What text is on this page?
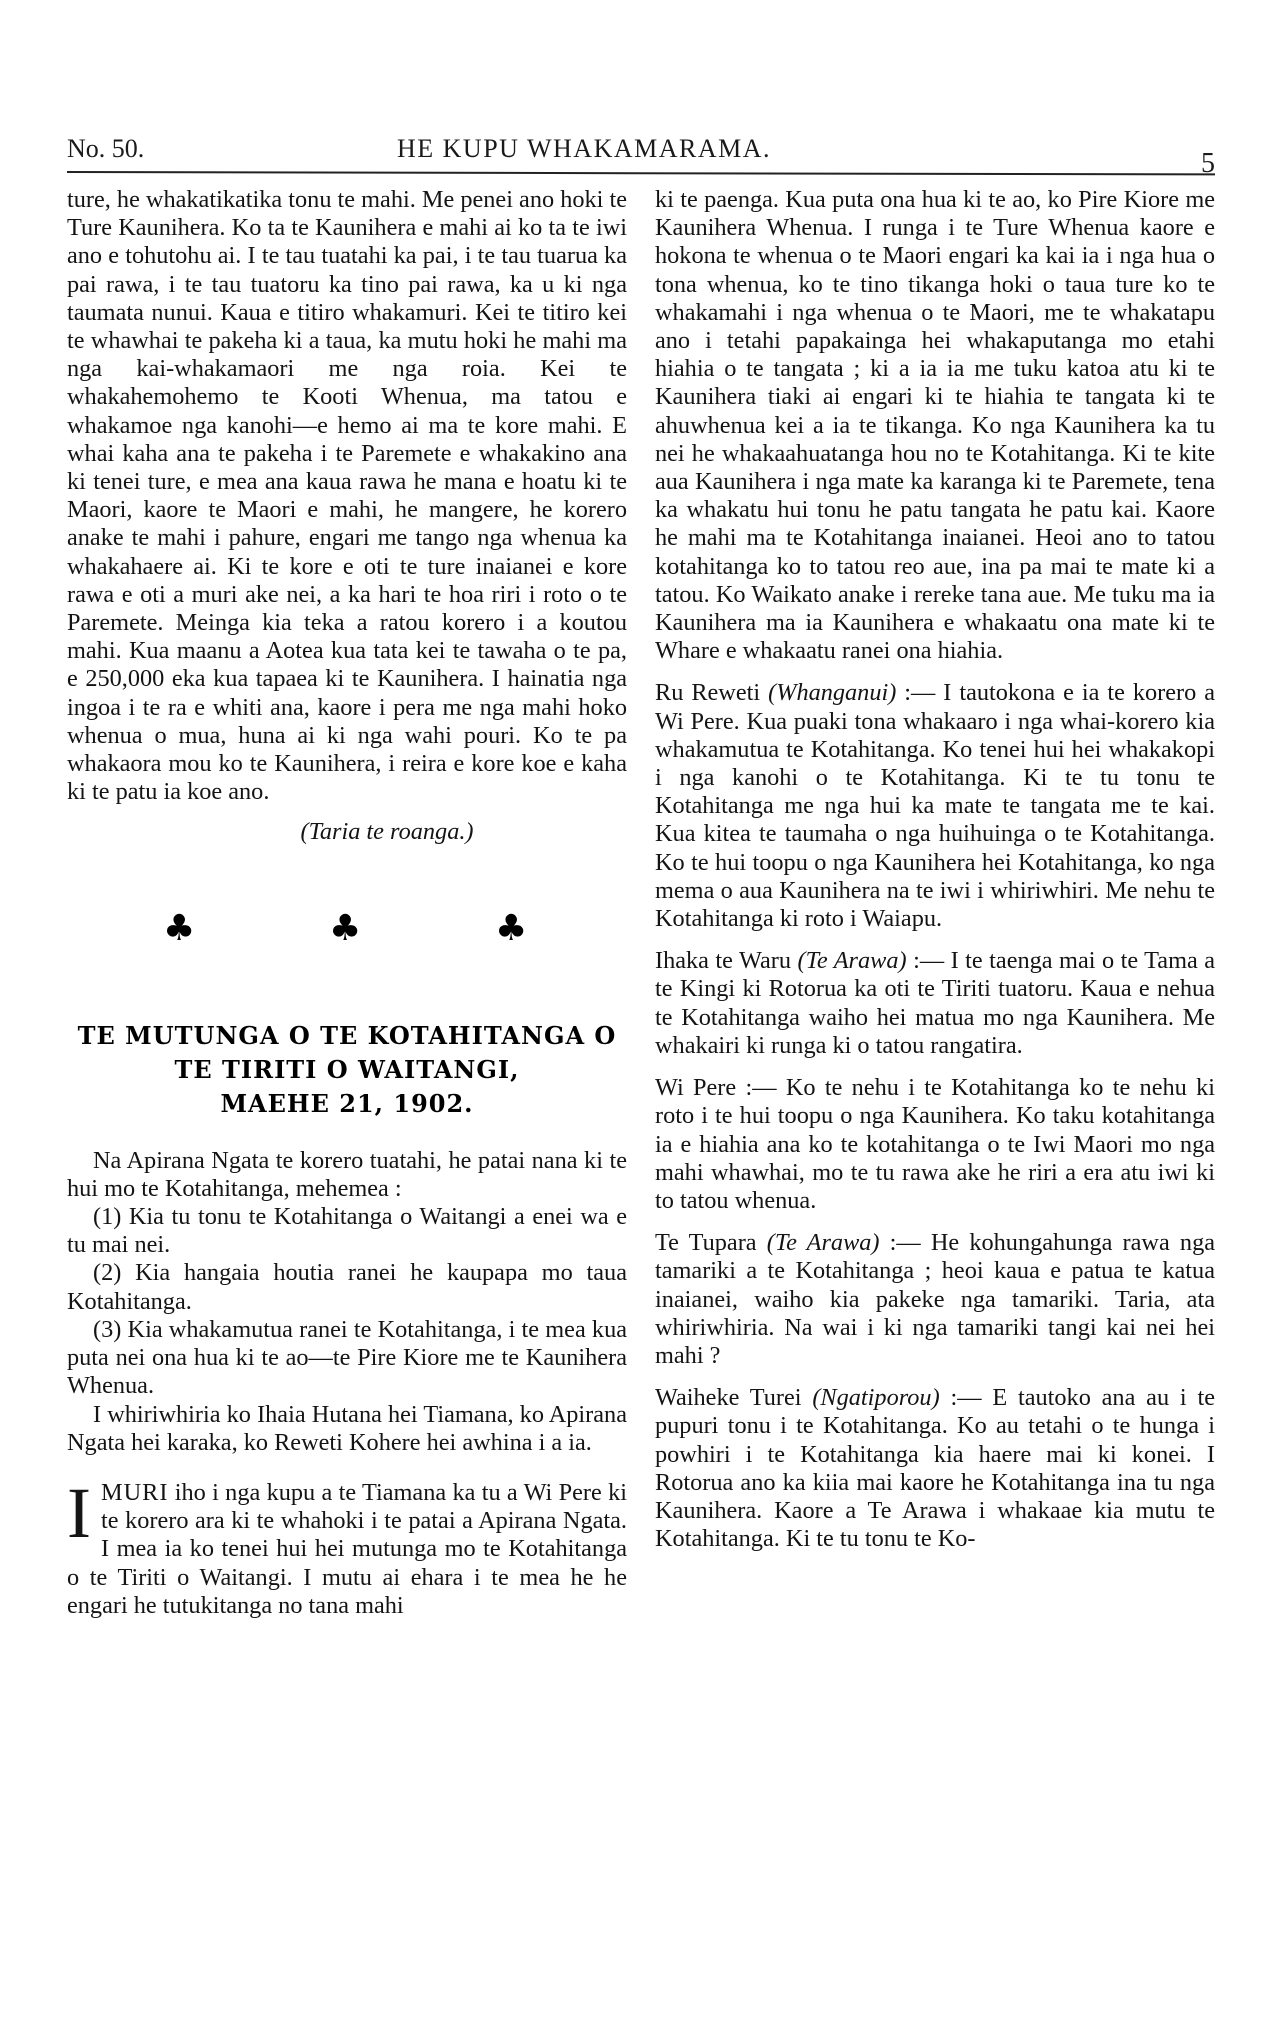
No. 50.	HE KUPU WHAKAMARAMA.	5

ture, he whakatikatika tonu te mahi. Me penei ano hoki te Ture Kaunihera. Ko ta te Kaunihera e mahi ai ko ta te iwi ano e tohutohu ai. I te tau tuatahi ka pai, i te tau tuarua ka pai rawa, i te tau tuatoru ka tino pai rawa, ka u ki nga taumata nunui. Kaua e titiro whakamuri. Kei te titiro kei te whawhai te pakeha ki a taua, ka mutu hoki he mahi ma nga kai-whakamaori me nga roia. Kei te whakahemohemo te Kooti Whenua, ma tatou e whakamoe nga kanohi—e hemo ai ma te kore mahi. E whai kaha ana te pakeha i te Paremete e whakakino ana ki tenei ture, e mea ana kaua rawa he mana e hoatu ki te Maori, kaore te Maori e mahi, he mangere, he korero anake te mahi i pahure, engari me tango nga whenua ka whakahaere ai. Ki te kore e oti te ture inaianei e kore rawa e oti a muri ake nei, a ka hari te hoa riri i roto o te Paremete. Meinga kia teka a ratou korero i a koutou mahi. Kua maanu a Aotea kua tata kei te tawaha o te pa, e 250,000 eka kua tapaea ki te Kaunihera. I hainatia nga ingoa i te ra e whiti ana, kaore i pera me nga mahi hoko whenua o mua, huna ai ki nga wahi pouri. Ko te pa whakaora mou ko te Kaunihera, i reira e kore koe e kaha ki te patu ia koe ano.

(Taria te roanga.)

♣	♣	♣
TE MUTUNGA O TE KOTAHITANGA O
TE TIRITI O WAITANGI,
MAEHE 21, 1902.

Na Apirana Ngata te korero tuatahi, he patai nana ki te hui mo te Kotahitanga, mehemea :

(1) Kia tu tonu te Kotahitanga o Waitangi a enei wa e tu mai nei.

(2) Kia hangaia houtia ranei he kaupapa mo taua Kotahitanga.

(3) Kia whakamutua ranei te Kotahitanga, i te mea kua puta nei ona hua ki te ao—te Pire Kiore me te Kaunihera Whenua.

I whiriwhiria ko Ihaia Hutana hei Tiamana, ko Apirana Ngata hei karaka, ko Reweti Kohere hei awhina i a ia.

IMURI iho i nga kupu a te Tiamana ka tu a Wi Pere ki te korero ara ki te whahoki i te patai a Apirana Ngata. I mea ia ko tenei hui hei mutunga mo te Kotahitanga o te Tiriti o Waitangi. I mutu ai ehara i te mea he he engari he tutukitanga no tana mahi

ki te paenga. Kua puta ona hua ki te ao, ko Pire Kiore me Kaunihera Whenua. I runga i te Ture Whenua kaore e hokona te whenua o te Maori engari ka kai ia i nga hua o tona whenua, ko te tino tikanga hoki o taua ture ko te whakamahi i nga whenua o te Maori, me te whakatapu ano i tetahi papakainga hei whakaputanga mo etahi hiahia o te tangata ; ki a ia ia me tuku katoa atu ki te Kaunihera tiaki ai engari ki te hiahia te tangata ki te ahuwhenua kei a ia te tikanga. Ko nga Kaunihera ka tu nei he whakaahuatanga hou no te Kotahitanga. Ki te kite aua Kaunihera i nga mate ka karanga ki te Paremete, tena ka whakatu hui tonu he patu tangata he patu kai. Kaore he mahi ma te Kotahitanga inaianei. Heoi ano to tatou kotahitanga ko to tatou reo aue, ina pa mai te mate ki a tatou. Ko Waikato anake i rereke tana aue. Me tuku ma ia Kaunihera ma ia Kaunihera e whakaatu ona mate ki te Whare e whakaatu ranei ona hiahia.

Ru Reweti (Whanganui) :— I tautokona e ia te korero a Wi Pere. Kua puaki tona whakaaro i nga whai-korero kia whakamutua te Kotahitanga. Ko tenei hui hei whakakopi i nga kanohi o te Kotahitanga. Ki te tu tonu te Kotahitanga me nga hui ka mate te tangata me te kai. Kua kitea te taumaha o nga huihuinga o te Kotahitanga. Ko te hui toopu o nga Kaunihera hei Kotahitanga, ko nga mema o aua Kaunihera na te iwi i whiriwhiri. Me nehu te Kotahitanga ki roto i Waiapu.

Ihaka te Waru (Te Arawa) :— I te taenga mai o te Tama a te Kingi ki Rotorua ka oti te Tiriti tuatoru. Kaua e nehua te Kotahitanga waiho hei matua mo nga Kaunihera. Me whakairi ki runga ki o tatou rangatira.

Wi Pere :— Ko te nehu i te Kotahitanga ko te nehu ki roto i te hui toopu o nga Kaunihera. Ko taku kotahitanga ia e hiahia ana ko te kotahitanga o te Iwi Maori mo nga mahi whawhai, mo te tu rawa ake he riri a era atu iwi ki to tatou whenua.

Te Tupara (Te Arawa) :— He kohungahunga rawa nga tamariki a te Kotahitanga ; heoi kaua e patua te katua inaianei, waiho kia pakeke nga tamariki. Taria, ata whiriwhiria. Na wai i ki nga tamariki tangi kai nei hei mahi ?

Waiheke Turei (Ngatiporou) :— E tautoko ana au i te pupuri tonu i te Kotahitanga. Ko au tetahi o te hunga i powhiri i te Kotahitanga kia haere mai ki konei. I Rotorua ano ka kiia mai kaore he Kotahitanga ina tu nga Kaunihera. Kaore a Te Arawa i whakaae kia mutu te Kotahitanga. Ki te tu tonu te Ko-
